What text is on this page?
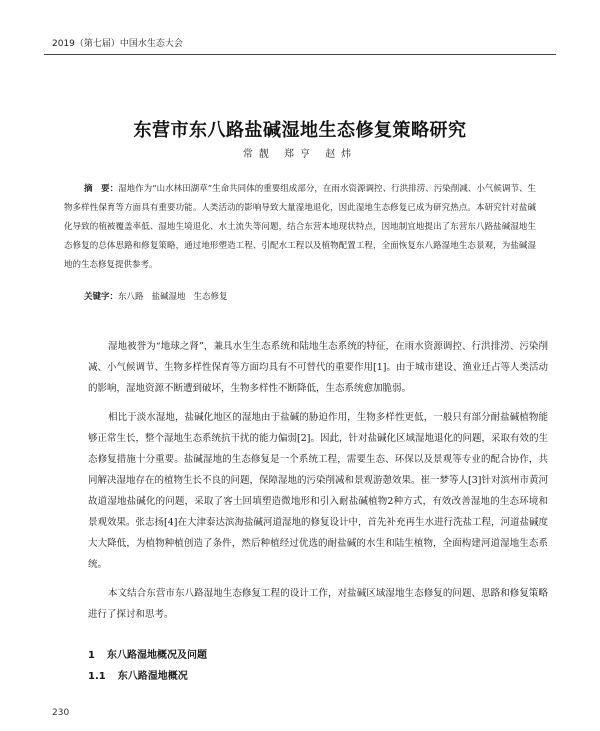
2019（第七届）中国水生态大会
东营市东八路盐碱湿地生态修复策略研究
常靓 郑亨 赵炜

摘　要：湿地作为“山水林田湖草”生命共同体的重要组成部分，在雨水资源调控、行洪排涝、污染削减、小气候调节、生物多样性保育等方面具有重要功能。人类活动的影响导致大量湿地退化，因此湿地生态修复已成为研究热点。本研究针对盐碱化导致的植被覆盖率低、湿地生境退化、水土流失等问题，结合东营本地现状特点，因地制宜地提出了东营东八路盐碱湿地生态修复的总体思路和修复策略，通过地形塑造工程、引配水工程以及植物配置工程，全面恢复东八路湿地生态景观，为盐碱湿地的生态修复提供参考。

关键字：东八路 盐碱湿地 生态修复

湿地被誉为“地球之肾”，兼具水生生态系统和陆地生态系统的特征，在雨水资源调控、行洪排涝、污染削减、小气候调节、生物多样性保育等方面均具有不可替代的重要作用[1]。由于城市建设、渔业迁占等人类活动的影响，湿地资源不断遭到破坏，生物多样性不断降低，生态系统愈加脆弱。

相比于淡水湿地，盐碱化地区的湿地由于盐碱的胁迫作用，生物多样性更低，一般只有部分耐盐碱植物能够正常生长，整个湿地生态系统抗干扰的能力偏弱[2]。因此，针对盐碱化区域湿地退化的问题，采取有效的生态修复措施十分重要。盐碱湿地的生态修复是一个系统工程，需要生态、环保以及景观等专业的配合协作，共同解决湿地存在的植物生长不良的问题，保障湿地的污染削减和景观游憩效果。崔一梦等人[3]针对滨州市黄河故道湿地盐碱化的问题，采取了客土回填塑造微地形和引入耐盐碱植物2种方式，有效改善湿地的生态环境和景观效果。张志扬[4]在大津泰达滨海盐碱河道湿地的修复设计中，首先补充再生水进行洗盐工程，河道盐碱度大大降低，为植物种植创造了条件，然后种植经过优选的耐盐碱的水生和陆生植物，全面构建河道湿地生态系统。

本文结合东营市东八路湿地生态修复工程的设计工作，对盐碱区域湿地生态修复的问题、思路和修复策略进行了探讨和思考。

1 东八路湿地概况及问题
1.1 东八路湿地概况
230
